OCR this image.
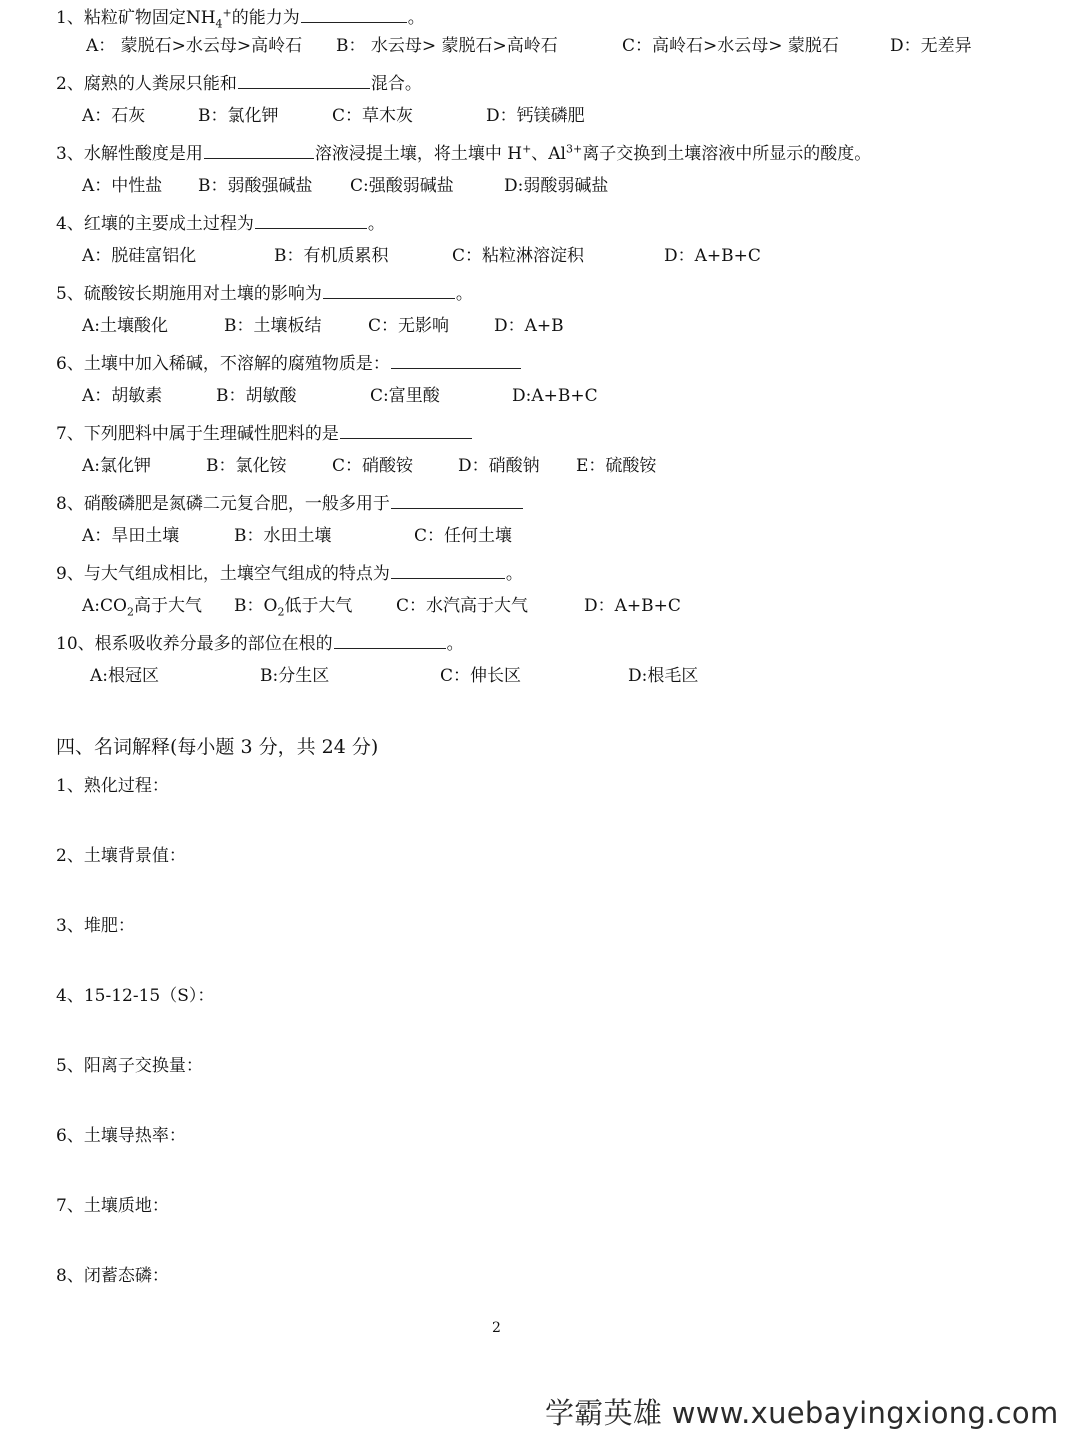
1、粘粒矿物固定$NH_4^+$的能力为	。
A： 蒙脱石>水云母>高岭石 B： 水云母> 蒙脱石>高岭石	C：高岭石>水云母> 蒙脱石	D：无差异
2、腐熟的人粪尿只能和	混合。
A：石灰	B：氯化钾	C：草木灰	D：钙镁磷肥
3、水解性酸度是用	溶液浸提土壤，将土壤中 H+、$Al^{3+}$离子交换到土壤溶液中所显示的酸度。
A：中性盐 B：弱酸强碱盐 C:强酸弱碱盐	D:弱酸弱碱盐
4、红壤的主要成土过程为	。
A：脱硅富铝化	B：有机质累积	C：粘粒淋溶淀积	D：A+B+C
5、硫酸铵长期施用对土壤的影响为	。
A:土壤酸化	B：土壤板结	C：无影响	D：A+B
6、土壤中加入稀碱，不溶解的腐殖物质是：
A：胡敏素	B：胡敏酸	C:富里酸	D:A+B+C
7、下列肥料中属于生理碱性肥料的是
A:氯化钾	B：氯化铵	C：硝酸铵	D：硝酸钠 E：硫酸铵
8、硝酸磷肥是氮磷二元复合肥，一般多用于
A：旱田土壤	B：水田土壤	C：任何土壤
9、与大气组成相比，土壤空气组成的特点为	。
$A:CO_2$高于大气 B：$O_2$低于大气	C：水汽高于大气	D：A+B+C
10、根系吸收养分最多的部位在根的	。
A:根冠区	B:分生区	C：伸长区	D:根毛区
四、名词解释(每小题 3 分，共 24 分)
1、熟化过程：
2、土壤背景值：
3、堆肥：
4、15-12-15（S）：
5、阳离子交换量：
6、土壤导热率：
7、土壤质地：
8、闭蓄态磷：
2
学霸英雄 www.xuebayingxiong.com
